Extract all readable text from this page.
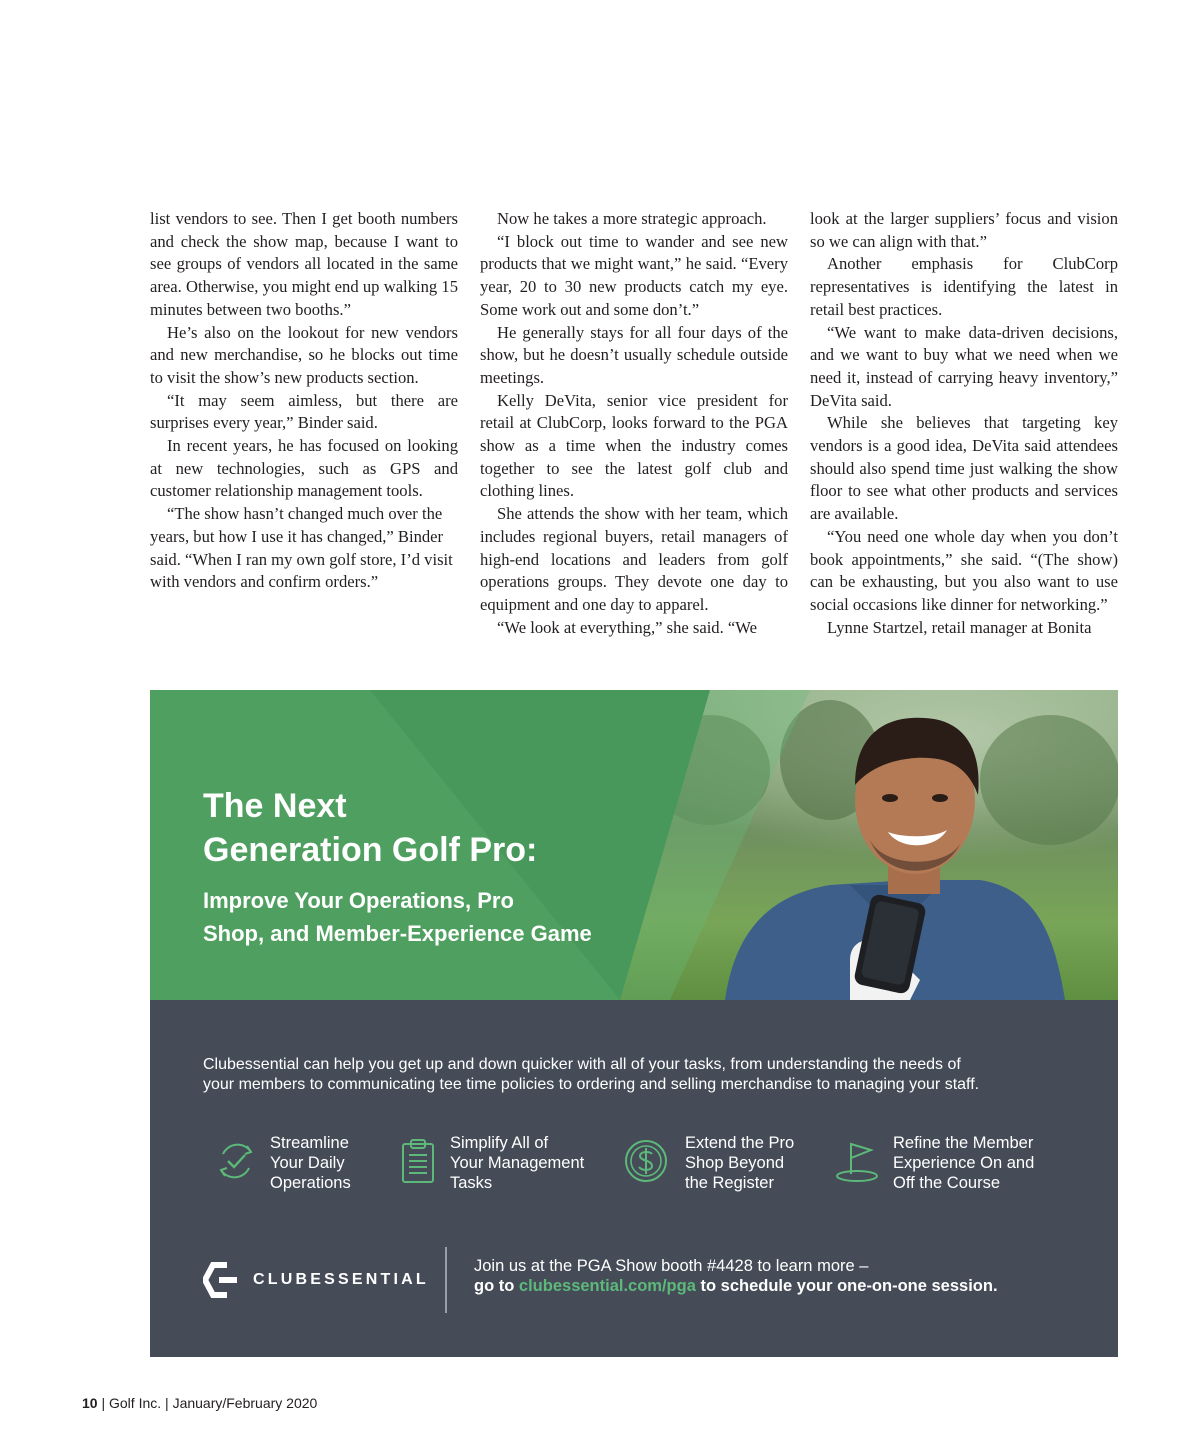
list vendors to see. Then I get booth numbers and check the show map, because I want to see groups of vendors all located in the same area. Otherwise, you might end up walking 15 minutes between two booths.”

He’s also on the lookout for new vendors and new merchandise, so he blocks out time to visit the show’s new products section.

“It may seem aimless, but there are surprises every year,” Binder said.

In recent years, he has focused on looking at new technologies, such as GPS and customer relationship management tools.

“The show hasn’t changed much over the years, but how I use it has changed,” Binder said. “When I ran my own golf store, I’d visit with vendors and confirm orders.”

Now he takes a more strategic approach.

“I block out time to wander and see new products that we might want,” he said. “Every year, 20 to 30 new products catch my eye. Some work out and some don’t.”

He generally stays for all four days of the show, but he doesn’t usually schedule outside meetings.

Kelly DeVita, senior vice president for retail at ClubCorp, looks forward to the PGA show as a time when the industry comes together to see the latest golf club and clothing lines.

She attends the show with her team, which includes regional buyers, retail managers of high-end locations and leaders from golf operations groups. They devote one day to equipment and one day to apparel.

“We look at everything,” she said. “We

look at the larger suppliers’ focus and vision so we can align with that.”

Another emphasis for ClubCorp representatives is identifying the latest in retail best practices.

“We want to make data-driven decisions, and we want to buy what we need when we need it, instead of carrying heavy inventory,” DeVita said.

While she believes that targeting key vendors is a good idea, DeVita said attendees should also spend time just walking the show floor to see what other products and services are available.

“You need one whole day when you don’t book appointments,” she said. “(The show) can be exhausting, but you also want to use social occasions like dinner for networking.”

Lynne Startzel, retail manager at Bonita

The Next
Generation Golf Pro:
Improve Your Operations, Pro
Shop, and Member-Experience Game
Clubessential can help you get up and down quicker with all of your tasks, from understanding the needs of
your members to communicating tee time policies to ordering and selling merchandise to managing your staff.
Streamline
Your Daily
Operations
Simplify All of
Your Management
Tasks
Extend the Pro
Shop Beyond
the Register
Refine the Member
Experience On and
Off the Course
CLUBESSENTIAL
Join us at the PGA Show booth #4428 to learn more –
go to clubessential.com/pga to schedule your one-on-one session.
10 | Golf Inc. | January/February 2020
